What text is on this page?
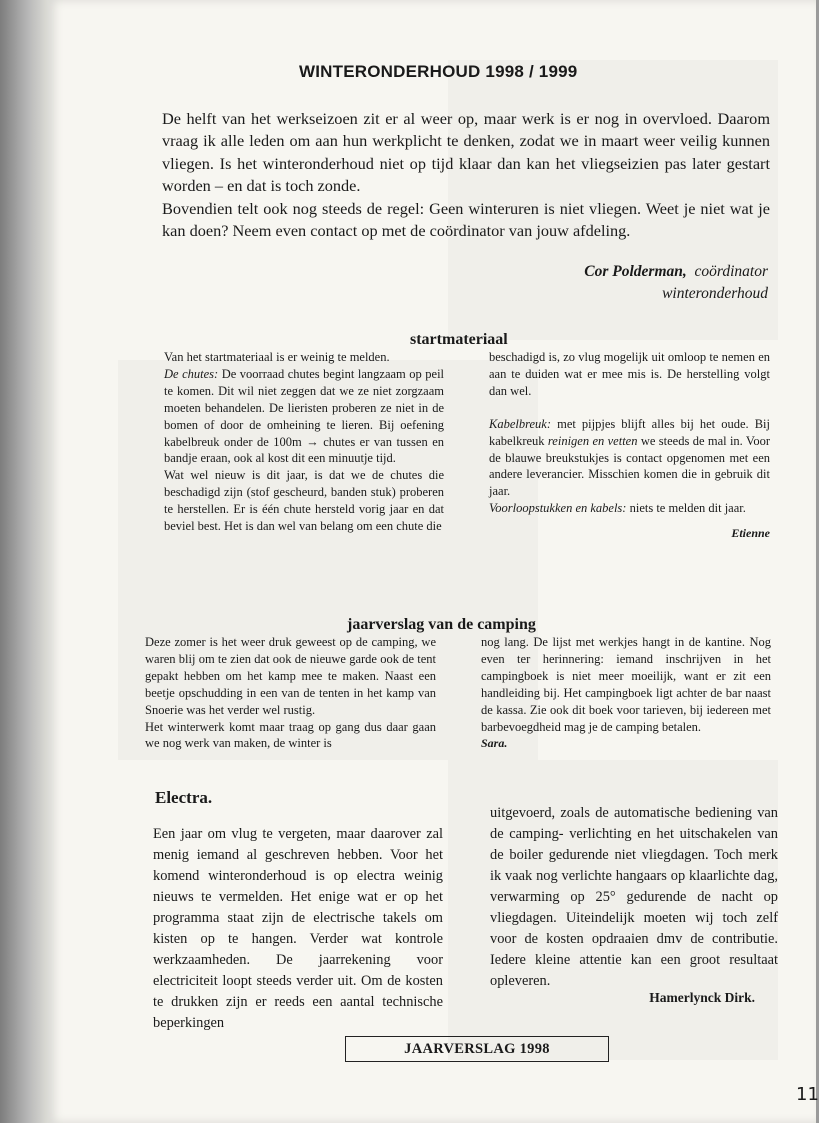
WINTERONDERHOUD 1998 / 1999

De helft van het werkseizoen zit er al weer op, maar werk is er nog in overvloed. Daarom vraag ik alle leden om aan hun werkplicht te denken, zodat we in maart weer veilig kunnen vliegen. Is het winteronderhoud niet op tijd klaar dan kan het vliegseizien pas later gestart worden – en dat is toch zonde.

Bovendien telt ook nog steeds de regel: Geen winteruren is niet vliegen. Weet je niet wat je kan doen? Neem even contact op met de coördinator van jouw afdeling.

Cor Polderman, coördinator
winteronderhoud
startmateriaal

Van het startmateriaal is er weinig te melden.

De chutes: De voorraad chutes begint langzaam op peil te komen. Dit wil niet zeggen dat we ze niet zorgzaam moeten behandelen. De lieristen proberen ze niet in de bomen of door de omheining te lieren. Bij oefening kabelbreuk onder de 100m → chutes er van tussen en bandje eraan, ook al kost dit een minuutje tijd.

Wat wel nieuw is dit jaar, is dat we de chutes die beschadigd zijn (stof gescheurd, banden stuk) proberen te herstellen. Er is één chute hersteld vorig jaar en dat beviel best. Het is dan wel van belang om een chute die

beschadigd is, zo vlug mogelijk uit omloop te nemen en aan te duiden wat er mee mis is. De herstelling volgt dan wel.

Kabelbreuk: met pijpjes blijft alles bij het oude. Bij kabelkreuk reinigen en vetten we steeds de mal in. Voor de blauwe breukstukjes is contact opgenomen met een andere leverancier. Misschien komen die in gebruik dit jaar.

Voorloopstukken en kabels: niets te melden dit jaar.

Etienne
jaarverslag van de camping

Deze zomer is het weer druk geweest op de camping, we waren blij om te zien dat ook de nieuwe garde ook de tent gepakt hebben om het kamp mee te maken. Naast een beetje opschudding in een van de tenten in het kamp van Snoerie was het verder wel rustig.

Het winterwerk komt maar traag op gang dus daar gaan we nog werk van maken, de winter is

nog lang. De lijst met werkjes hangt in de kantine. Nog even ter herinnering: iemand inschrijven in het campingboek is niet meer moeilijk, want er zit een handleiding bij. Het campingboek ligt achter de bar naast de kassa. Zie ook dit boek voor tarieven, bij iedereen met barbevoegdheid mag je de camping betalen.

Sara.
Electra.

Een jaar om vlug te vergeten, maar daarover zal menig iemand al geschreven hebben. Voor het komend winteronderhoud is op electra weinig nieuws te vermelden. Het enige wat er op het programma staat zijn de electrische takels om kisten op te hangen. Verder wat kontrole werkzaamheden. De jaarrekening voor electriciteit loopt steeds verder uit. Om de kosten te drukken zijn er reeds een aantal technische beperkingen

uitgevoerd, zoals de automatische bediening van de camping- verlichting en het uitschakelen van de boiler gedurende niet vliegdagen. Toch merk ik vaak nog verlichte hangaars op klaarlichte dag, verwarming op 25° gedurende de nacht op vliegdagen. Uiteindelijk moeten wij toch zelf voor de kosten opdraaien dmv de contributie. Iedere kleine attentie kan een groot resultaat opleveren.

Hamerlynck Dirk.
JAARVERSLAG 1998
11
